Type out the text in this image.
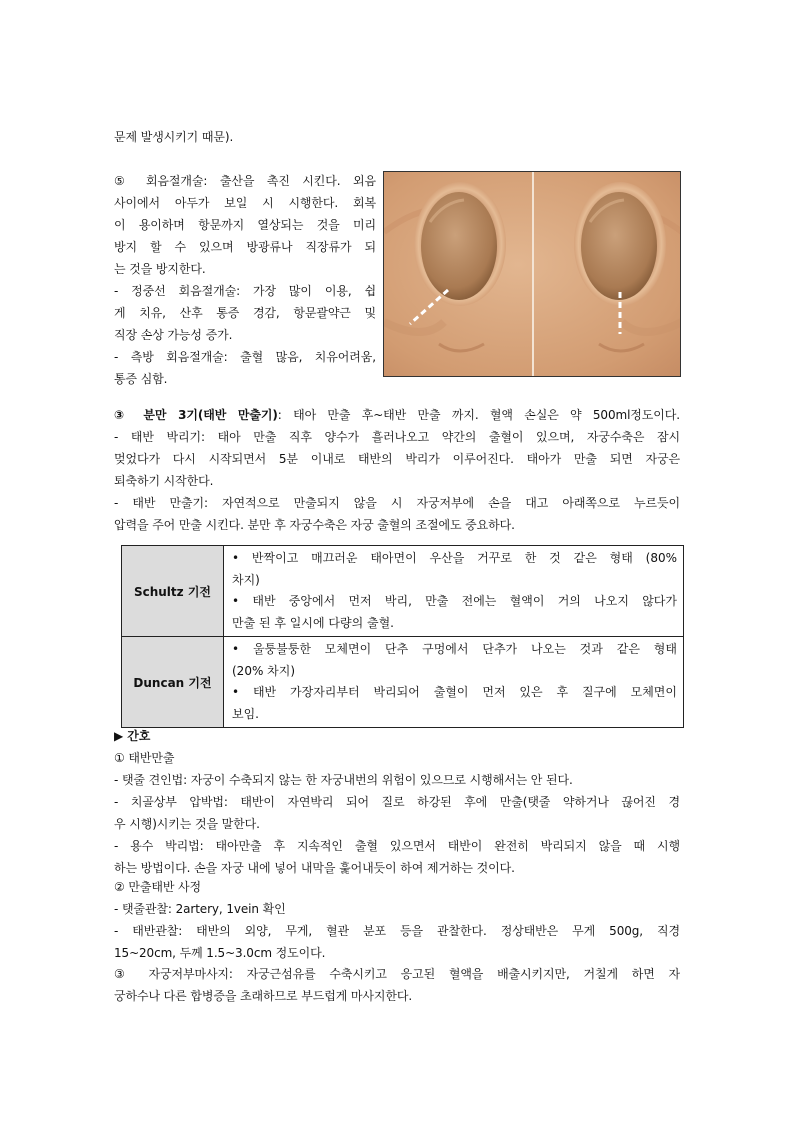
문제 발생시키기 때문).
⑤ 회음절개술: 출산을 촉진 시킨다. 외음
사이에서 아두가 보일 시 시행한다. 회복
이 용이하며 항문까지 열상되는 것을 미리
방지 할 수 있으며 방광류나 직장류가 되
는 것을 방지한다.
- 정중선 회음절개술: 가장 많이 이용, 쉽
게 치유, 산후 통증 경감, 항문괄약근 및
직장 손상 가능성 증가.
- 측방 회음절개술: 출혈 많음, 치유어려움,
통증 심함.
③ 분만 3기(태반 만출기): 태아 만출 후~태반 만출 까지. 혈액 손실은 약 500ml정도이다.
- 태반 박리기: 태아 만출 직후 양수가 흘러나오고 약간의 출혈이 있으며, 자궁수축은 잠시
멎었다가 다시 시작되면서 5분 이내로 태반의 박리가 이루어진다. 태아가 만출 되면 자궁은
퇴축하기 시작한다.
- 태반 만출기: 자연적으로 만출되지 않을 시 자궁저부에 손을 대고 아래쪽으로 누르듯이
압력을 주어 만출 시킨다. 분만 후 자궁수축은 자궁 출혈의 조절에도 중요하다.
Schultz 기전	• 반짝이고 매끄러운 태아면이 우산을 거꾸로 한 것 같은 형태 (80%
차지)
• 태반 중앙에서 먼저 박리, 만출 전에는 혈액이 거의 나오지 않다가
만출 된 후 일시에 다량의 출혈.

Duncan 기전	• 울퉁불퉁한 모체면이 단추 구멍에서 단추가 나오는 것과 같은 형태
(20% 차지)
• 태반 가장자리부터 박리되어 출혈이 먼저 있은 후 질구에 모체면이
보임.
▶ 간호
① 태반만출
- 탯줄 견인법: 자궁이 수축되지 않는 한 자궁내번의 위험이 있으므로 시행해서는 안 된다.
- 치골상부 압박법: 태반이 자연박리 되어 질로 하강된 후에 만출(탯줄 약하거나 끊어진 경
우 시행)시키는 것을 말한다.
- 용수 박리법: 태아만출 후 지속적인 출혈 있으면서 태반이 완전히 박리되지 않을 때 시행
하는 방법이다. 손을 자궁 내에 넣어 내막을 훑어내듯이 하여 제거하는 것이다.
② 만출태반 사정
- 탯줄관찰: 2artery, 1vein 확인
- 태반관찰: 태반의 외양, 무게, 혈관 분포 등을 관찰한다. 정상태반은 무게 500g, 직경
15~20cm, 두께 1.5~3.0cm 정도이다.
③ 자궁저부마사지: 자궁근섬유를 수축시키고 응고된 혈액을 배출시키지만, 거칠게 하면 자
궁하수나 다른 합병증을 초래하므로 부드럽게 마사지한다.
